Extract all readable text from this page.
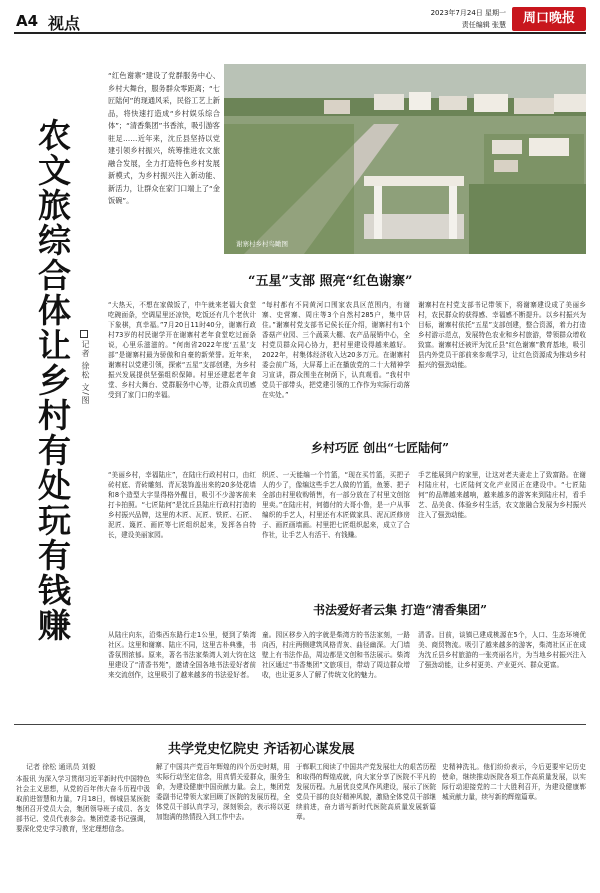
A4 视点
2023年7月24日 星期一
责任编辑 张慧	周口晚报
农文旅综合体让乡村有处玩有钱赚	记者 徐松 文/图
“红色谢寨”建设了党群服务中心、乡村大舞台，服务群众零距离；“七匠陆何”的现通风采，民俗工艺上新品，将快速打造成“乡村娱乐综合体”；“清香集团”书香浓，吸引游客驻足……近年来，沈丘县坚持以党建引领乡村振兴，统筹推进农文旅融合发展，全力打造特色乡村发展新模式，为乡村振兴注入新动能、新活力，让群众在家门口端上了“金饭碗”。
谢寨村乡村鸟瞰图
“五星”支部 照亮“红色谢寨”
“大热天，不想在家做饭了，中午就来老福大食堂吃碗面条，空调屋里还凉快，吃饭还有几个老伙计下象棋，真幸福。”7月20日11时40分，谢寨行政村73岁的村民谢学开在谢寨村老年食堂吃过面条说，心里乐滋滋的。“何南省2022年度‘五星’支部”是谢寨村最为骄傲和自豪的新荣誉。近年来，谢寨村以党建引领，探索“五星”支部创建，为乡村振兴发展提供坚强组织保障。村里还建起老年食堂、乡村大舞台、党群服务中心等，让群众真切感受到了家门口的幸福。
“每村都有不同黄河口围家农具区范围内，有谢寨、史营寨、周庄等3个自然村285户，集中居住。”谢寨村党支部书记侯长征介绍，谢寨村有1个香菇产业园、三个蔬菜大棚、农产品展销中心，全村党员群众同心协力，把村里建设得越来越好。2022年，村集体经济收入达20多万元。在谢寨村委会前广场，大屏幕上正在播放党的二十大精神学习宣讲，群众围坐在树荫下，认真观看。“我村中党员干部带头，把党建引领的工作作为实际行动落在实处。”
谢寨村在村党支部书记带领下，将谢寨建设成了美丽乡村，农民群众的获得感、幸福感不断提升。以乡村振兴为目标，谢寨村依托“五星”支部创建，整合资源，着力打造乡村游示范点，发展特色农业和乡村旅游，带领群众增收致富。谢寨村还被评为沈丘县“红色谢寨”教育基地，吸引县内外党员干部前来参观学习，让红色资源成为推动乡村振兴的强劲动能。
乡村巧匠 创出“七匠陆何”
“美丽乡村，幸福陆庄”，在陆庄行政村村口，由红砖村底、青砖雕刻、青瓦装饰盖出来的20多处花墙和8个造型大字显得格外醒目，吸引不少游客前来打卡拍照。“七匠陆何”是沈丘县陆庄行政村打造的乡村振兴品牌，这里的木匠、瓦匠、铁匠、石匠、泥匠、篾匠、画匠等七匠组织起来，发挥各自特长，建设美丽家园。
织匠、一天能编一个竹篮，“现在买竹篮，买把子人的少了，像编这些手艺人做的竹篮，鱼篓、把子全部由村里收购销售，有一部分放在了村里文创馆里卖。”在陆庄村，何德付的大哥小鲁，是一户从事编织的手艺人，村里还有木匠做家具、泥瓦匠修房子、画匠画墙画。村里把七匠组织起来，成立了合作社，让手艺人有活干、有钱赚。
手艺能展到户的家里，让这对老夫妻走上了致富路。在谢村陆庄村，七匠陆何文化产业园正在建设中。“七匠陆何”的品牌越来越响，越来越多的游客来到陆庄村，看手艺、品美食、体验乡村生活，农文旅融合发展为乡村振兴注入了强劲动能。
书法爱好者云集 打造“清香集团”
从陆庄向东，沿柴西东路行走1公里，便到了柴湾社区。这里和谢寨、陆庄不同，这里古朴典雅，书香氛围浓郁。原来，著名书法家柴湾人刘大钧在这里建设了“清香书苑”，邀请全国各地书法爱好者前来交流创作，这里吸引了越来越多的书法爱好者。
童。园区移步入的字就是柴湾方的书法家刻，一路向西，村庄两侧建筑风格青灰、曲径幽深。大门墙壁上有书法作品，周边都是文创和书法展示。柴湾社区通过“书香集团”文旅项目，带动了周边群众增收，也让更多人了解了传统文化的魅力。
清香。目前，谈镇已建成桃源在5个，人口、生态环境优美、商贸物流。吸引了越来越多的游客，柴湾社区正在成为沈丘县乡村旅游的一张亮丽名片，为当地乡村振兴注入了强劲动能，让乡村更美、产业更兴、群众更富。
共学党史忆院史 齐话初心谋发展
记者 徐松 通讯员 刘毅
本报讯 为深入学习贯彻习近平新时代中国特色社会主义思想，从党的百年伟大奋斗历程中汲取前进智慧和力量，7月18日，郸城县某医院集团召开党员大会，集团领导班子成员、各支部书记、党员代表参会。集团党委书记强调，要深化党史学习教育，坚定理想信念。
解了中国共产党百年辉煌的四个历史时期，用实际行动坚定信念，用真情关爱群众，服务生命，为建设健康中国贡献力量。会上，集团党委副书记带领大家回顾了医院的发展历程，全体党员干部认真学习，深刻领会，表示将以更加饱满的热情投入到工作中去。
于郸职工阅读了中国共产党发展壮大的艰苦历程和取得的辉煌成就，向大家分享了医院不平凡的发展历程。九届优良党风作风建设，展示了医院党员干部的良好精神风貌，激励全体党员干部继续前进，奋力谱写新时代医院高质量发展新篇章。
史精神洗礼。他们纷纷表示，今后更要牢记历史使命，继续推动医院各项工作高质量发展，以实际行动迎接党的二十大胜利召开，为建设健康郸城贡献力量，续写新的辉煌篇章。
